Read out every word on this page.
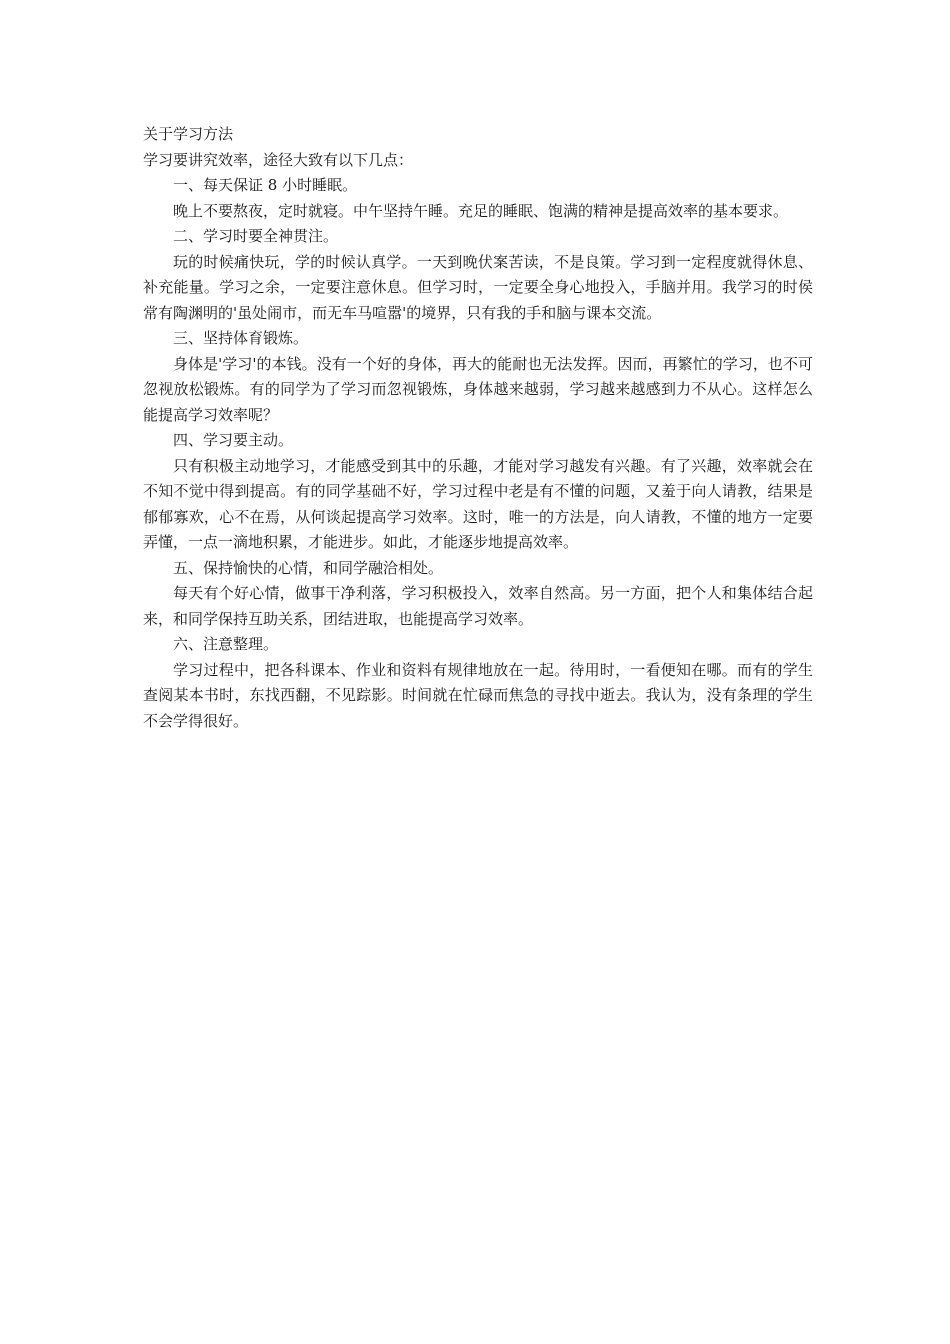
关于学习方法

学习要讲究效率，途径大致有以下几点：

一、每天保证 8 小时睡眠。

晚上不要熬夜，定时就寝。中午坚持午睡。充足的睡眠、饱满的精神是提高效率的基本要求。

二、学习时要全神贯注。

玩的时候痛快玩，学的时候认真学。一天到晚伏案苦读，不是良策。学习到一定程度就得休息、补充能量。学习之余，一定要注意休息。但学习时，一定要全身心地投入，手脑并用。我学习的时侯常有陶渊明的'虽处闹市，而无车马喧嚣'的境界，只有我的手和脑与课本交流。

三、坚持体育锻炼。

身体是'学习'的本钱。没有一个好的身体，再大的能耐也无法发挥。因而，再繁忙的学习，也不可忽视放松锻炼。有的同学为了学习而忽视锻炼，身体越来越弱，学习越来越感到力不从心。这样怎么能提高学习效率呢？

四、学习要主动。

只有积极主动地学习，才能感受到其中的乐趣，才能对学习越发有兴趣。有了兴趣，效率就会在不知不觉中得到提高。有的同学基础不好，学习过程中老是有不懂的问题，又羞于向人请教，结果是郁郁寡欢，心不在焉，从何谈起提高学习效率。这时，唯一的方法是，向人请教，不懂的地方一定要弄懂，一点一滴地积累，才能进步。如此，才能逐步地提高效率。

五、保持愉快的心情，和同学融洽相处。

每天有个好心情，做事干净利落，学习积极投入，效率自然高。另一方面，把个人和集体结合起来，和同学保持互助关系，团结进取，也能提高学习效率。

六、注意整理。

学习过程中，把各科课本、作业和资料有规律地放在一起。待用时，一看便知在哪。而有的学生查阅某本书时，东找西翻，不见踪影。时间就在忙碌而焦急的寻找中逝去。我认为，没有条理的学生不会学得很好。
